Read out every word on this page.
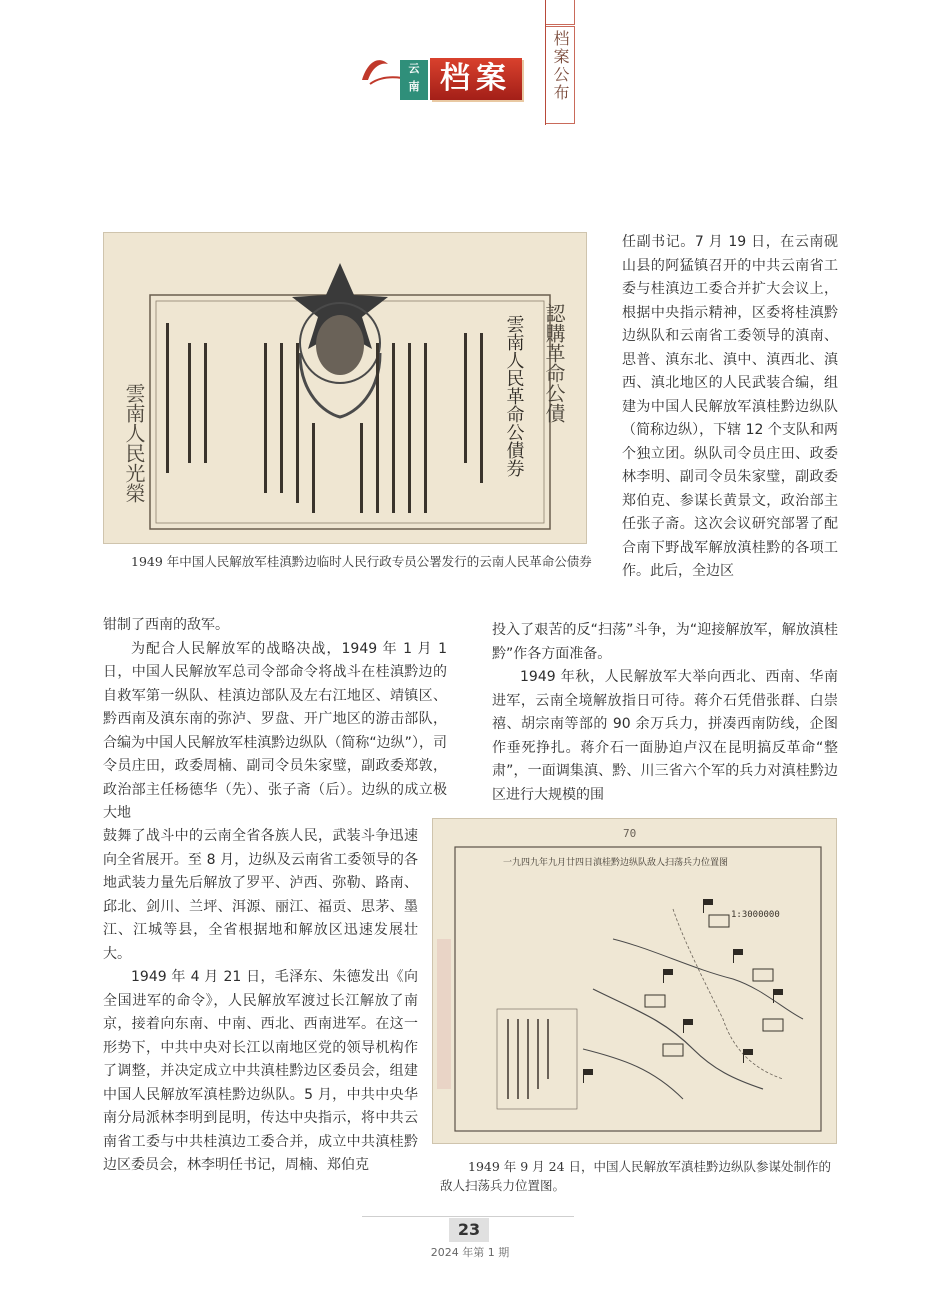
云
南 档案	档案公布
雲南人民革命公債券 認購革命公債
雲南人民光榮

1949 年中国人民解放军桂滇黔边临时人民行政专员公署发行的云南人民革命公债券

任副书记。7 月 19 日，在云南砚山县的阿猛镇召开的中共云南省工委与桂滇边工委合并扩大会议上，根据中央指示精神，区委将桂滇黔边纵队和云南省工委领导的滇南、思普、滇东北、滇中、滇西北、滇西、滇北地区的人民武装合编，组建为中国人民解放军滇桂黔边纵队（简称边纵），下辖 12 个支队和两个独立团。纵队司令员庄田、政委林李明、副司令员朱家璧，副政委郑伯克、参谋长黄景文，政治部主任张子斋。这次会议研究部署了配合南下野战军解放滇桂黔的各项工作。此后，全边区

投入了艰苦的反“扫荡”斗争，为“迎接解放军，解放滇桂黔”作各方面准备。

1949 年秋，人民解放军大举向西北、西南、华南进军，云南全境解放指日可待。蒋介石凭借张群、白崇禧、胡宗南等部的 90 余万兵力，拼凑西南防线，企图作垂死挣扎。蒋介石一面胁迫卢汉在昆明搞反革命“整肃”，一面调集滇、黔、川三省六个军的兵力对滇桂黔边区进行大规模的围

钳制了西南的敌军。

为配合人民解放军的战略决战，1949 年 1 月 1 日，中国人民解放军总司令部命令将战斗在桂滇黔边的自救军第一纵队、桂滇边部队及左右江地区、靖镇区、黔西南及滇东南的弥泸、罗盘、开广地区的游击部队，合编为中国人民解放军桂滇黔边纵队（简称“边纵”），司令员庄田，政委周楠、副司令员朱家璧，副政委郑敦，政治部主任杨德华（先）、张子斋（后）。边纵的成立极大地

鼓舞了战斗中的云南全省各族人民，武装斗争迅速向全省展开。至 8 月，边纵及云南省工委领导的各地武装力量先后解放了罗平、泸西、弥勒、路南、邱北、剑川、兰坪、洱源、丽江、福贡、思茅、墨江、江城等县，全省根据地和解放区迅速发展壮大。

1949 年 4 月 21 日，毛泽东、朱德发出《向全国进军的命令》，人民解放军渡过长江解放了南京，接着向东南、中南、西北、西南进军。在这一形势下，中共中央对长江以南地区党的领导机构作了调整，并决定成立中共滇桂黔边区委员会，组建中国人民解放军滇桂黔边纵队。5 月，中共中央华南分局派林李明到昆明，传达中央指示，将中共云南省工委与中共桂滇边工委合并，成立中共滇桂黔边区委员会，林李明任书记，周楠、郑伯克

70
一九四九年九月廿四日滇桂黔边纵队敌人扫荡兵力位置图
1:3000000

1949 年 9 月 24 日，中国人民解放军滇桂黔边纵队参谋处制作的敌人扫荡兵力位置图。

23
2024 年第 1 期
